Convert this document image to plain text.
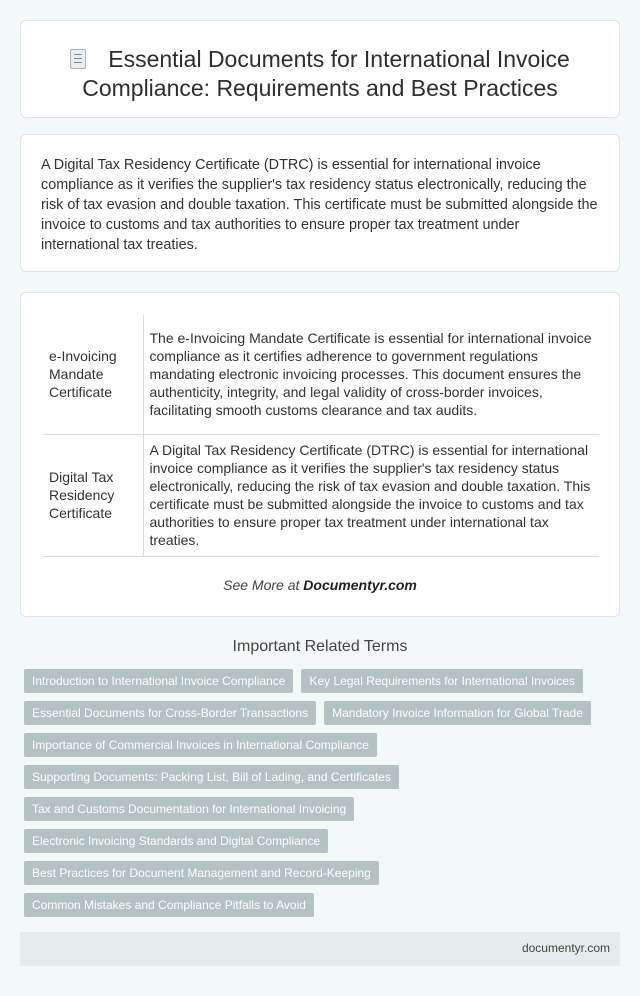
Essential Documents for International Invoice Compliance: Requirements and Best Practices

A Digital Tax Residency Certificate (DTRC) is essential for international invoice compliance as it verifies the supplier's tax residency status electronically, reducing the risk of tax evasion and double taxation. This certificate must be submitted alongside the invoice to customs and tax authorities to ensure proper tax treatment under international tax treaties.

e-Invoicing Mandate Certificate	The e-Invoicing Mandate Certificate is essential for international invoice compliance as it certifies adherence to government regulations mandating electronic invoicing processes. This document ensures the authenticity, integrity, and legal validity of cross-border invoices, facilitating smooth customs clearance and tax audits.
Digital Tax Residency Certificate	A Digital Tax Residency Certificate (DTRC) is essential for international invoice compliance as it verifies the supplier's tax residency status electronically, reducing the risk of tax evasion and double taxation. This certificate must be submitted alongside the invoice to customs and tax authorities to ensure proper tax treatment under international tax treaties.
See More at Documentyr.com
Important Related Terms
Introduction to International Invoice Compliance	Key Legal Requirements for International Invoices
Essential Documents for Cross-Border Transactions	Mandatory Invoice Information for Global Trade
Importance of Commercial Invoices in International Compliance
Supporting Documents: Packing List, Bill of Lading, and Certificates
Tax and Customs Documentation for International Invoicing
Electronic Invoicing Standards and Digital Compliance
Best Practices for Document Management and Record-Keeping
Common Mistakes and Compliance Pitfalls to Avoid
documentyr.com
